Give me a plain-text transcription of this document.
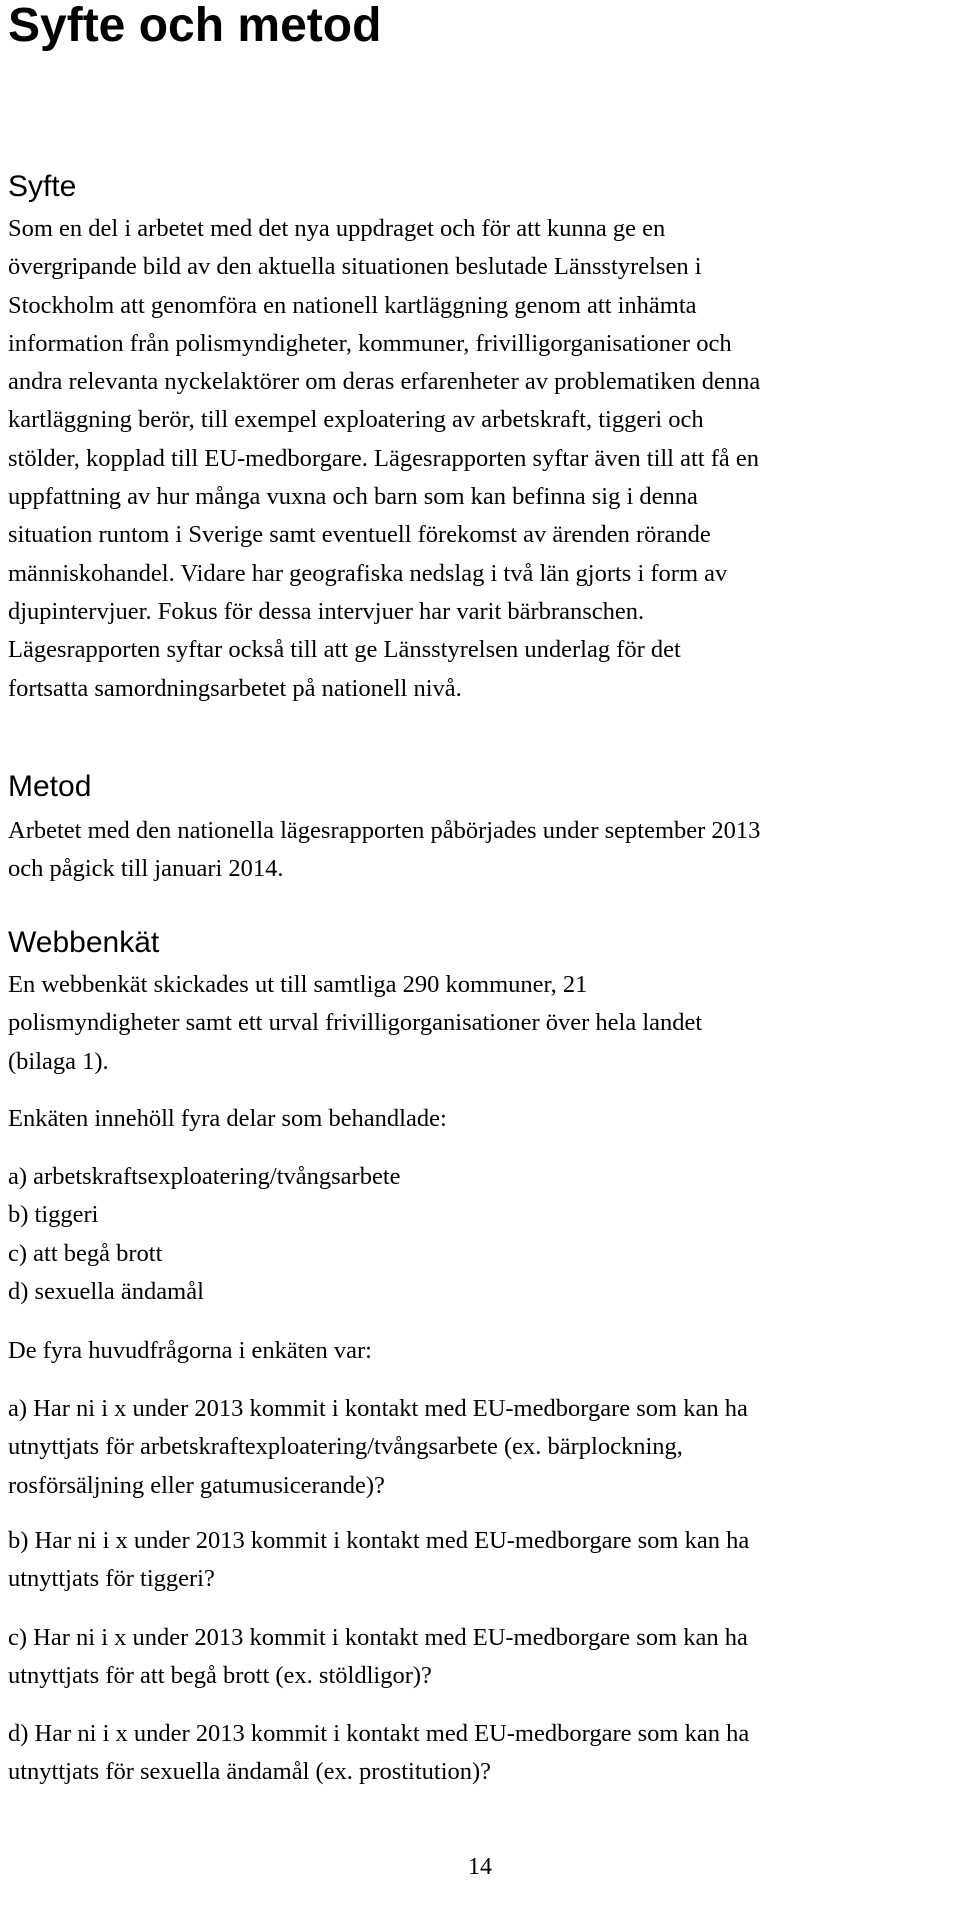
Syfte och metod
Syfte

Som en del i arbetet med det nya uppdraget och för att kunna ge en
övergripande bild av den aktuella situationen beslutade Länsstyrelsen i
Stockholm att genomföra en nationell kartläggning genom att inhämta
information från polismyndigheter, kommuner, frivilligorganisationer och
andra relevanta nyckelaktörer om deras erfarenheter av problematiken denna
kartläggning berör, till exempel exploatering av arbetskraft, tiggeri och
stölder, kopplad till EU-medborgare. Lägesrapporten syftar även till att få en
uppfattning av hur många vuxna och barn som kan befinna sig i denna
situation runtom i Sverige samt eventuell förekomst av ärenden rörande
människohandel. Vidare har geografiska nedslag i två län gjorts i form av
djupintervjuer. Fokus för dessa intervjuer har varit bärbranschen.
Lägesrapporten syftar också till att ge Länsstyrelsen underlag för det
fortsatta samordningsarbetet på nationell nivå.

Metod

Arbetet med den nationella lägesrapporten påbörjades under september 2013
och pågick till januari 2014.

Webbenkät

En webbenkät skickades ut till samtliga 290 kommuner, 21
polismyndigheter samt ett urval frivilligorganisationer över hela landet
(bilaga 1).

Enkäten innehöll fyra delar som behandlade:

a) arbetskraftsexploatering/tvångsarbete
b) tiggeri
c) att begå brott
d) sexuella ändamål

De fyra huvudfrågorna i enkäten var:

a) Har ni i x under 2013 kommit i kontakt med EU-medborgare som kan ha
utnyttjats för arbetskraftexploatering/tvångsarbete (ex. bärplockning,
rosförsäljning eller gatumusicerande)?

b) Har ni i x under 2013 kommit i kontakt med EU-medborgare som kan ha
utnyttjats för tiggeri?

c) Har ni i x under 2013 kommit i kontakt med EU-medborgare som kan ha
utnyttjats för att begå brott (ex. stöldligor)?

d) Har ni i x under 2013 kommit i kontakt med EU-medborgare som kan ha
utnyttjats för sexuella ändamål (ex. prostitution)?

14
